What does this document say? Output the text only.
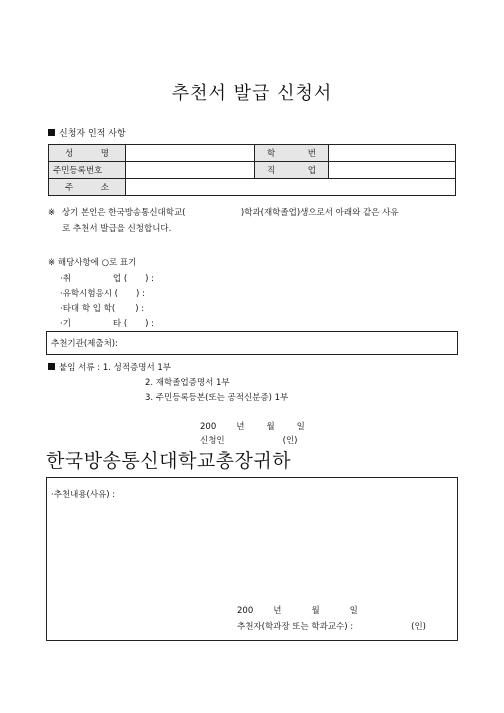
추천서 발급 신청서
신청자 인적 사항
성 명		학 번	

주민등록번호		직 업	

주 소			

※ 상기 본인은 한국방송통신대학교(	)학과(재학졸업)생으로서 아래와 같은 사유
로 추천서 발급을 신청합니다.
※ 해당사항에 ○로 표기
·취	업 ( ) :
·유학시험응시 ( ) :
·타대 학 입 학( ) :
·기	타 ( ) :
추천기관(제출처):
붙임 서류 : 1. 성적증명서 1부
2. 재학졸업증명서 1부
3. 주민등록등본(또는 공적신분증) 1부
200 년	월	일
신청인	(인)
한국방송통신대학교총장귀하
·추천내용(사유) :
200 년	월	일
추천자(학과장 또는 학과교수) :	(인)
